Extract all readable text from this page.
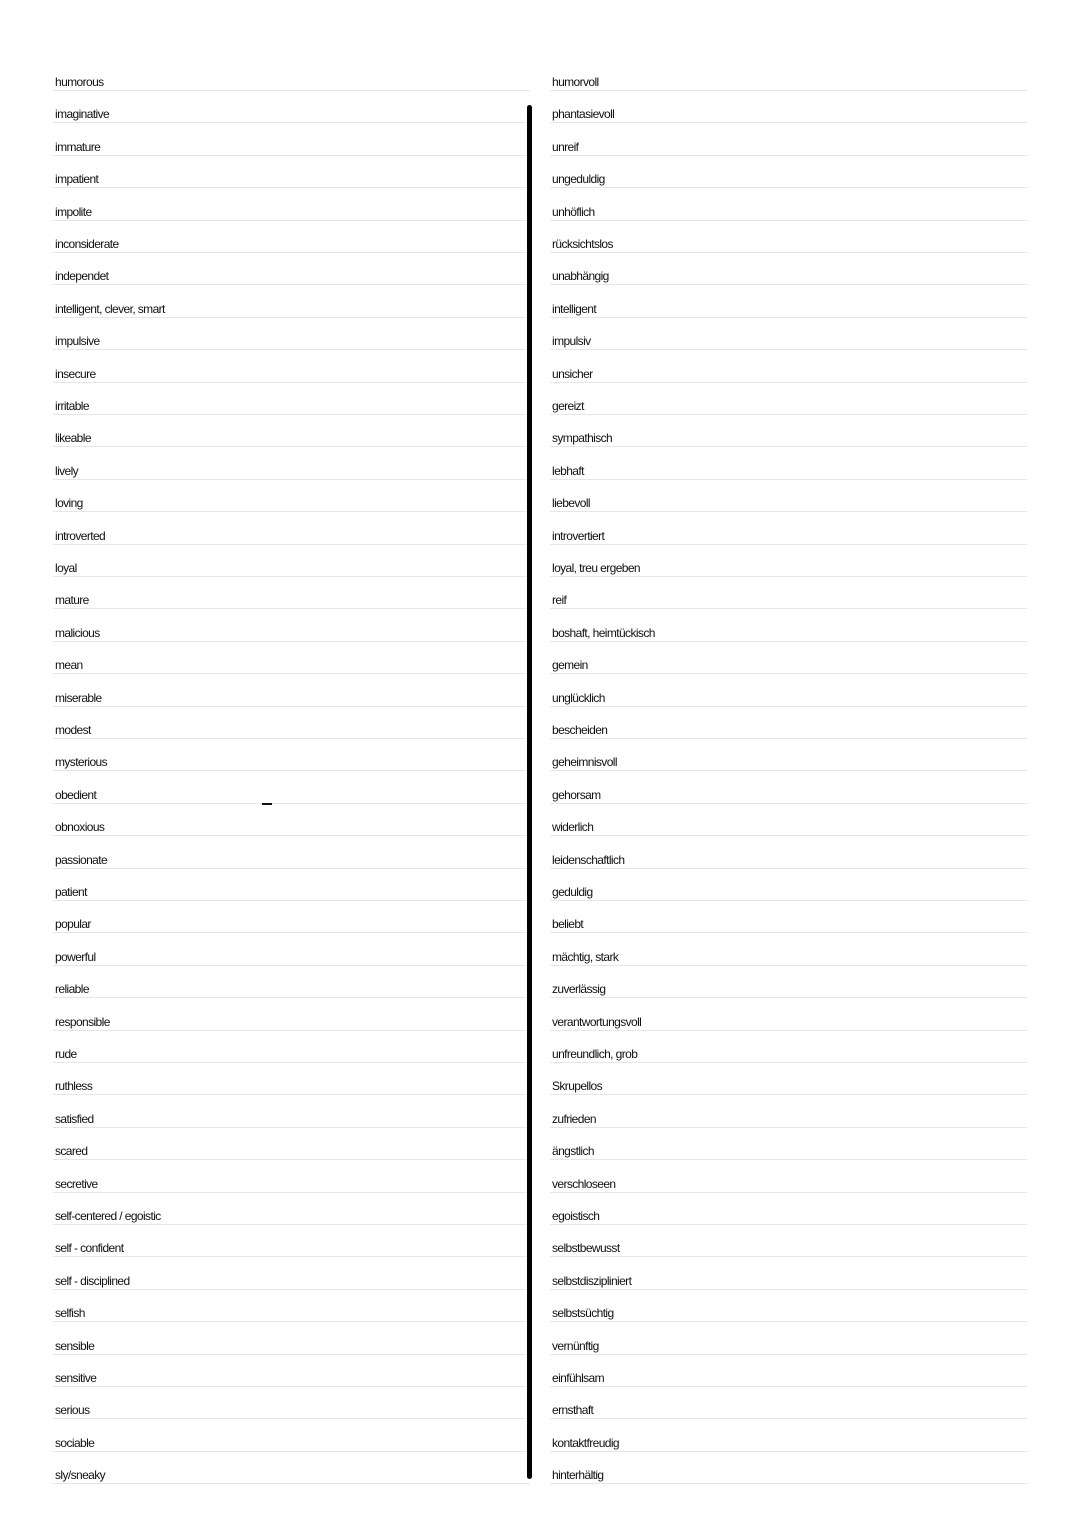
humorous
imaginative
immature
impatient
impolite
inconsiderate
independet
intelligent, clever, smart
impulsive
insecure
irritable
likeable
lively
loving
introverted
loyal
mature
malicious
mean
miserable
modest
mysterious
obedient
obnoxious
passionate
patient
popular
powerful
reliable
responsible
rude
ruthless
satisfied
scared
secretive
self-centered / egoistic
self - confident
self - disciplined
selfish
sensible
sensitive
serious
sociable
sly/sneaky
humorvoll
phantasievoll
unreif
ungeduldig
unhöflich
rücksichtslos
unabhängig
intelligent
impulsiv
unsicher
gereizt
sympathisch
lebhaft
liebevoll
introvertiert
loyal, treu ergeben
reif
boshaft, heimtückisch
gemein
unglücklich
bescheiden
geheimnisvoll
gehorsam
widerlich
leidenschaftlich
geduldig
beliebt
mächtig, stark
zuverlässig
verantwortungsvoll
unfreundlich, grob
Skrupellos
zufrieden
ängstlich
verschloseen
egoistisch
selbstbewusst
selbstdiszipliniert
selbstsüchtig
vernünftig
einfühlsam
ernsthaft
kontaktfreudig
hinterhältig
